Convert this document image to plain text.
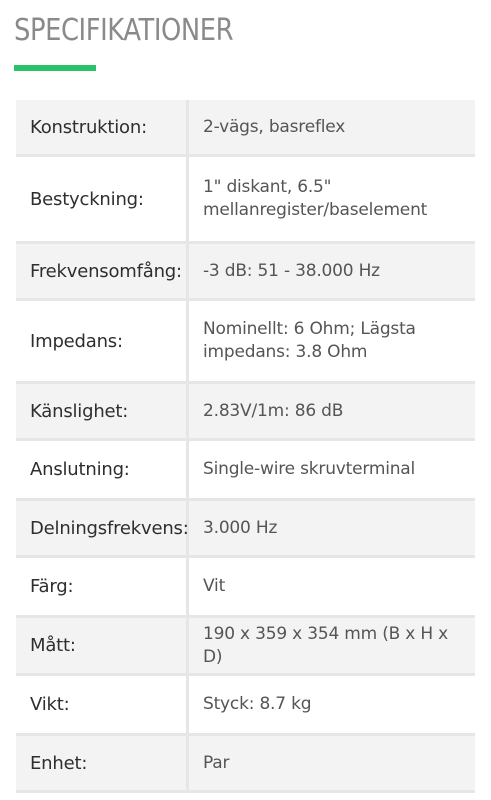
SPECIFIKATIONER
Konstruktion:	2-vägs, basreflex
Bestyckning:
1" diskant, 6.5" mellanregister/baselement
Frekvensomfång:	-3 dB: 51 - 38.000 Hz
Impedans:
Nominellt: 6 Ohm; Lägsta impedans: 3.8 Ohm
Känslighet:	2.83V/1m: 86 dB
Anslutning:	Single-wire skruvterminal
Delningsfrekvens: 3.000 Hz
Färg:	Vit
Mått:
190 x 359 x 354 mm (B x H x D)
Vikt:	Styck: 8.7 kg
Enhet:	Par
